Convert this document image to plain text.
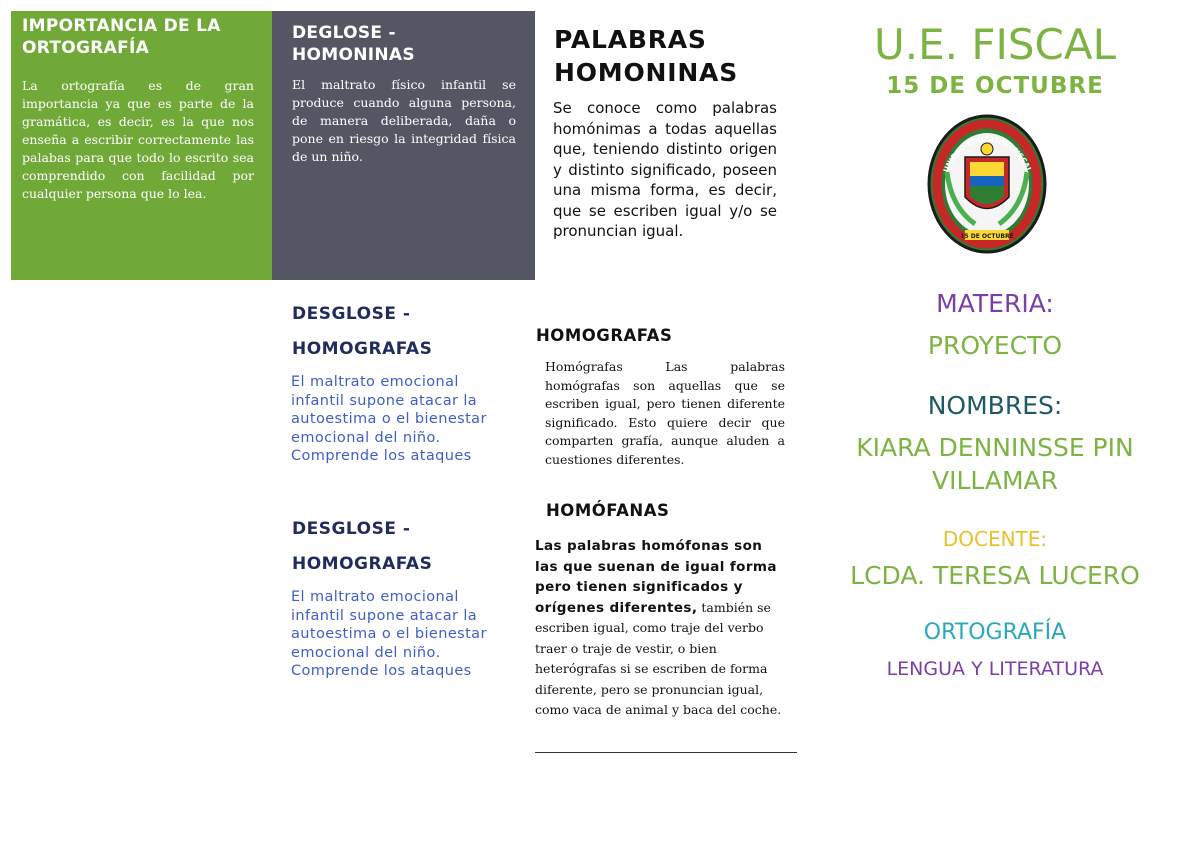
IMPORTANCIA DE LA ORTOGRAFÍA
La ortografía es de gran importancia ya que es parte de la gramática, es decir, es la que nos enseña a escribir correctamente las palabas para que todo lo escrito sea comprendido con facilidad por cualquier persona que lo lea.
DEGLOSE - HOMONINAS
El maltrato físico infantil se produce cuando alguna persona, de manera deliberada, daña o pone en riesgo la integridad física de un niño.
DESGLOSE -
HOMOGRAFAS
El maltrato emocional infantil supone atacar la autoestima o el bienestar emocional del niño. Comprende los ataques
DESGLOSE -
HOMOGRAFAS
El maltrato emocional infantil supone atacar la autoestima o el bienestar emocional del niño. Comprende los ataques
PALABRAS HOMONINAS
Se conoce como palabras homónimas a todas aquellas que, teniendo distinto origen y distinto significado, poseen una misma forma, es decir, que se escriben igual y/o se pronuncian igual.
HOMOGRAFAS
Homógrafas Las palabras homógrafas son aquellas que se escriben igual, pero tienen diferente significado. Esto quiere decir que comparten grafía, aunque aluden a cuestiones diferentes.
HOMÓFANAS
Las palabras homófonas son las que suenan de igual forma pero tienen significados y orígenes diferentes, también se escriben igual, como traje del verbo traer o traje de vestir, o bien heterógrafas si se escriben de forma diferente, pero se pronuncian igual, como vaca de animal y baca del coche.
U.E. FISCAL
15 DE OCTUBRE
UNIDAD EDUCATIVA FISCAL
15 DE OCTUBRE
MATERIA:
PROYECTO
NOMBRES:
KIARA DENNINSSE PIN
VILLAMAR
DOCENTE:
LCDA. TERESA LUCERO
ORTOGRAFÍA
LENGUA Y LITERATURA
